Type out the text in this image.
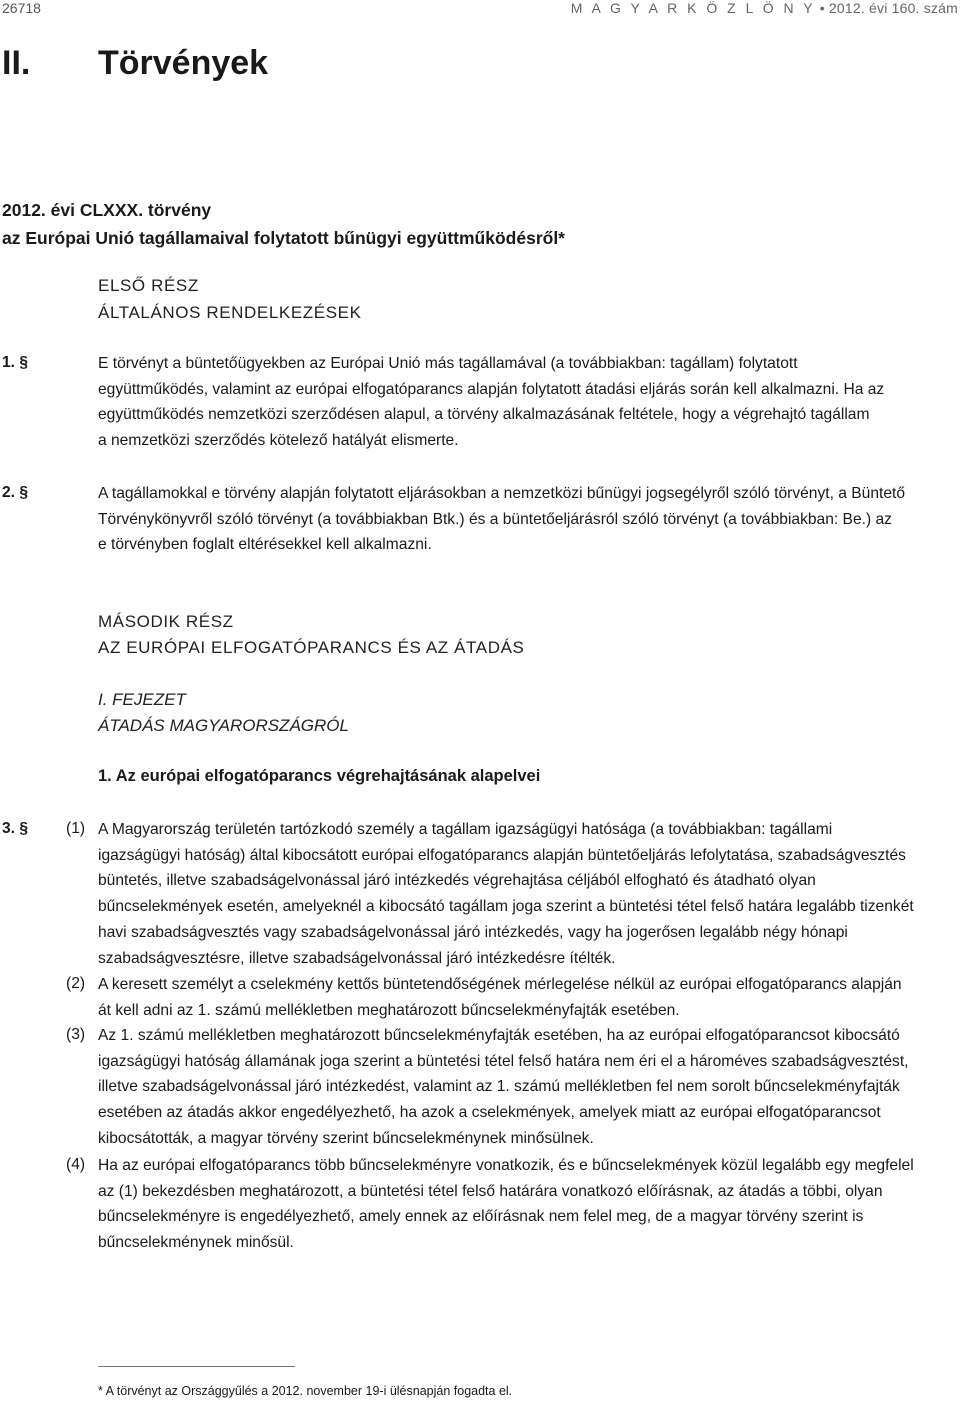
26718	M A G Y A R K Ö Z L Ö N Y • 2012. évi 160. szám
II. Törvények
2012. évi CLXXX. törvény
az Európai Unió tagállamaival folytatott bűnügyi együttműködésről*
ELSŐ RÉSZ
ÁLTALÁNOS RENDELKEZÉSEK
1. §	E törvényt a büntetőügyekben az Európai Unió más tagállamával (a továbbiakban: tagállam) folytatott
együttműködés, valamint az európai elfogatóparancs alapján folytatott átadási eljárás során kell alkalmazni. Ha az
együttműködés nemzetközi szerződésen alapul, a törvény alkalmazásának feltétele, hogy a végrehajtó tagállam
a nemzetközi szerződés kötelező hatályát elismerte.
2. §	A tagállamokkal e törvény alapján folytatott eljárásokban a nemzetközi bűnügyi jogsegélyről szóló törvényt, a Büntető
Törvénykönyvről szóló törvényt (a továbbiakban Btk.) és a büntetőeljárásról szóló törvényt (a továbbiakban: Be.) az
e törvényben foglalt eltérésekkel kell alkalmazni.
MÁSODIK RÉSZ
AZ EURÓPAI ELFOGATÓPARANCS ÉS AZ ÁTADÁS
I. FEJEZET
ÁTADÁS MAGYARORSZÁGRÓL
1. Az európai elfogatóparancs végrehajtásának alapelvei
3. § (1) A Magyarország területén tartózkodó személy a tagállam igazságügyi hatósága (a továbbiakban: tagállami
igazságügyi hatóság) által kibocsátott európai elfogatóparancs alapján büntetőeljárás lefolytatása, szabadságvesztés
büntetés, illetve szabadságelvonással járó intézkedés végrehajtása céljából elfogható és átadható olyan
bűncselekmények esetén, amelyeknél a kibocsátó tagállam joga szerint a büntetési tétel felső határa legalább tizenkét
havi szabadságvesztés vagy szabadságelvonással járó intézkedés, vagy ha jogerősen legalább négy hónapi
szabadságvesztésre, illetve szabadságelvonással járó intézkedésre ítélték.
(2) A keresett személyt a cselekmény kettős büntetendőségének mérlegelése nélkül az európai elfogatóparancs alapján
át kell adni az 1. számú mellékletben meghatározott bűncselekményfajták esetében.
(3) Az 1. számú mellékletben meghatározott bűncselekményfajták esetében, ha az európai elfogatóparancsot kibocsátó
igazságügyi hatóság államának joga szerint a büntetési tétel felső határa nem éri el a hároméves szabadságvesztést,
illetve szabadságelvonással járó intézkedést, valamint az 1. számú mellékletben fel nem sorolt bűncselekményfajták
esetében az átadás akkor engedélyezhető, ha azok a cselekmények, amelyek miatt az európai elfogatóparancsot
kibocsátották, a magyar törvény szerint bűncselekménynek minősülnek.
(4) Ha az európai elfogatóparancs több bűncselekményre vonatkozik, és e bűncselekmények közül legalább egy megfelel
az (1) bekezdésben meghatározott, a büntetési tétel felső határára vonatkozó előírásnak, az átadás a többi, olyan
bűncselekményre is engedélyezhető, amely ennek az előírásnak nem felel meg, de a magyar törvény szerint is
bűncselekménynek minősül.
* A törvényt az Országgyűlés a 2012. november 19-i ülésnapján fogadta el.
